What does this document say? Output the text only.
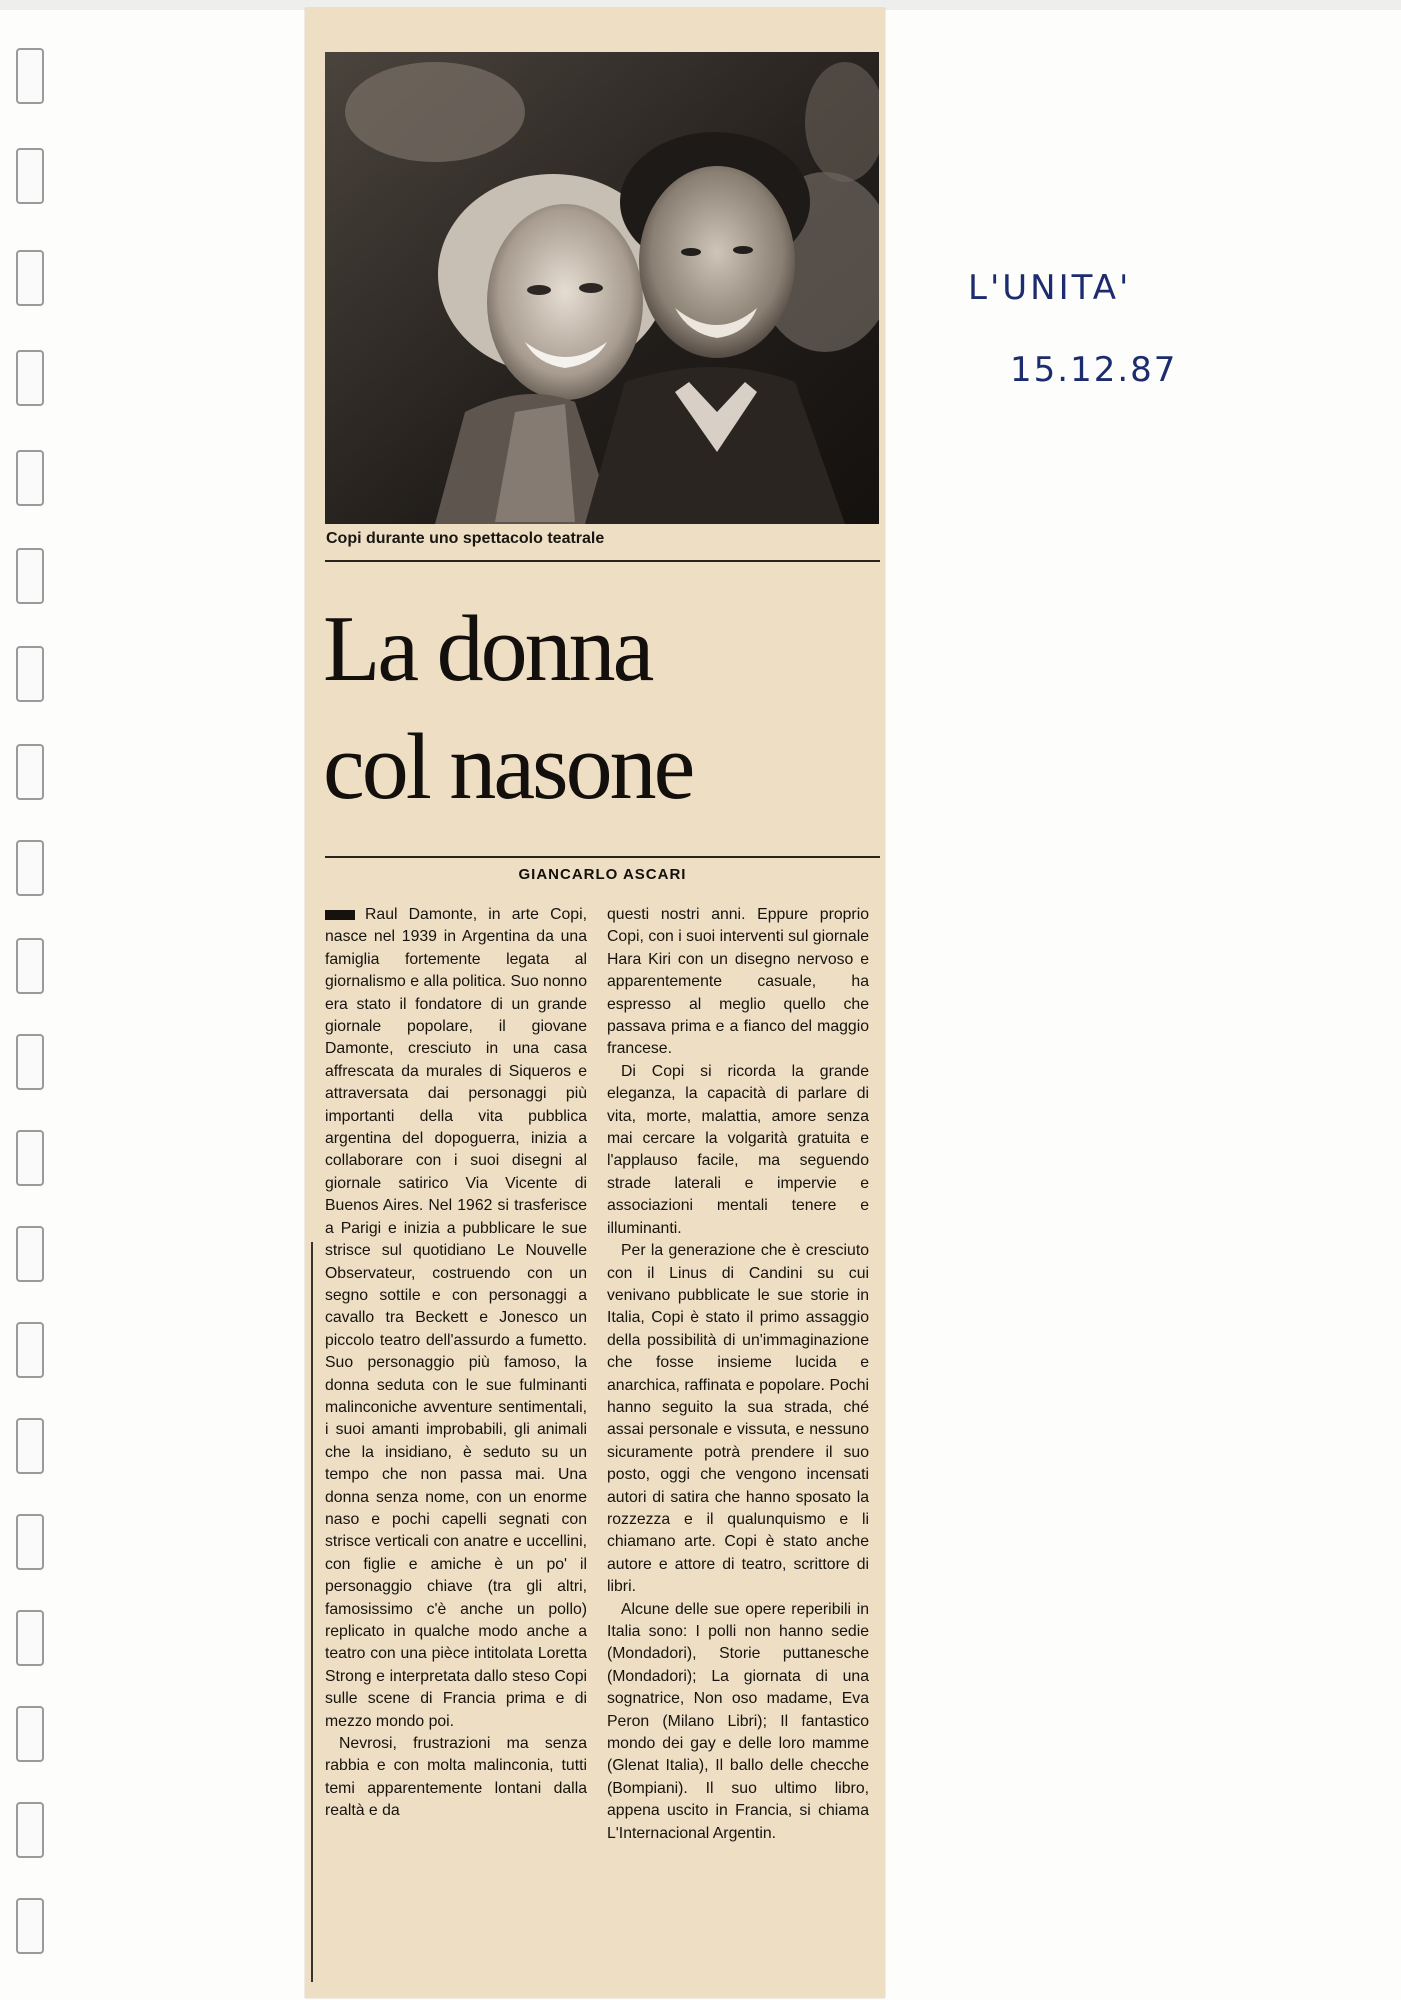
Copi durante uno spettacolo teatrale
La donna
col nasone
GIANCARLO ASCARI

Raul Damonte, in arte Copi, nasce nel 1939 in Argentina da una famiglia fortemente legata al giornalismo e alla politica. Suo nonno era stato il fondatore di un grande giornale popolare, il giovane Damonte, cresciuto in una casa affrescata da murales di Siqueros e attraversata dai personaggi più importanti della vita pubblica argentina del dopoguerra, inizia a collaborare con i suoi disegni al giornale satirico Via Vicente di Buenos Aires. Nel 1962 si trasferisce a Parigi e inizia a pubblicare le sue strisce sul quotidiano Le Nouvelle Observateur, costruendo con un segno sottile e con personaggi a cavallo tra Beckett e Jonesco un piccolo teatro dell'assurdo a fumetto. Suo personaggio più famoso, la donna seduta con le sue fulminanti malinconiche avventure sentimentali, i suoi amanti improbabili, gli animali che la insidiano, è seduto su un tempo che non passa mai. Una donna senza nome, con un enorme naso e pochi capelli segnati con strisce verticali con anatre e uccellini, con figlie e amiche è un po' il personaggio chiave (tra gli altri, famosissimo c'è anche un pollo) replicato in qualche modo anche a teatro con una pièce intitolata Loretta Strong e interpretata dallo steso Copi sulle scene di Francia prima e di mezzo mondo poi.

Nevrosi, frustrazioni ma senza rabbia e con molta malinconia, tutti temi apparentemente lontani dalla realtà e da

questi nostri anni. Eppure proprio Copi, con i suoi interventi sul giornale Hara Kiri con un disegno nervoso e apparentemente casuale, ha espresso al meglio quello che passava prima e a fianco del maggio francese.

Di Copi si ricorda la grande eleganza, la capacità di parlare di vita, morte, malattia, amore senza mai cercare la volgarità gratuita e l'applauso facile, ma seguendo strade laterali e impervie e associazioni mentali tenere e illuminanti.

Per la generazione che è cresciuto con il Linus di Candini su cui venivano pubblicate le sue storie in Italia, Copi è stato il primo assaggio della possibilità di un'immaginazione che fosse insieme lucida e anarchica, raffinata e popolare. Pochi hanno seguito la sua strada, ché assai personale e vissuta, e nessuno sicuramente potrà prendere il suo posto, oggi che vengono incensati autori di satira che hanno sposato la rozzezza e il qualunquismo e li chiamano arte. Copi è stato anche autore e attore di teatro, scrittore di libri.

Alcune delle sue opere reperibili in Italia sono: I polli non hanno sedie (Mondadori), Storie puttanesche (Mondadori); La giornata di una sognatrice, Non oso madame, Eva Peron (Milano Libri); Il fantastico mondo dei gay e delle loro mamme (Glenat Italia), Il ballo delle checche (Bompiani). Il suo ultimo libro, appena uscito in Francia, si chiama L'Internacional Argentin.

L'UNITA'
15.12.87
